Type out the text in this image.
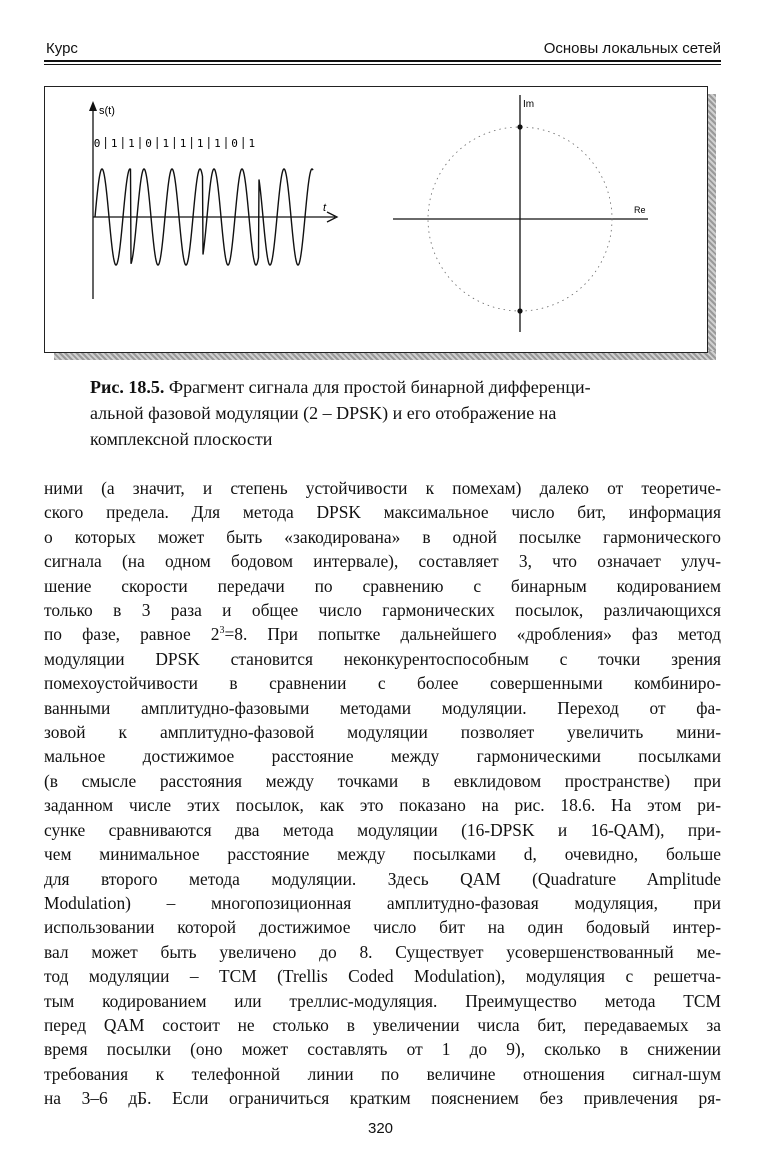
Курс	Основы локальных сетей
s(t)
t
0 1 1 0 1 1 1 1 0 1
Im
Re
Рис. 18.5. Фрагмент сигнала для простой бинарной дифференци-
альной фазовой модуляции (2 – DPSK) и его отображение на
комплексной плоскости
ними (а значит, и степень устойчивости к помехам) далеко от теоретиче-
ского предела. Для метода DPSK максимальное число бит, информация
о которых может быть «закодирована» в одной посылке гармонического
сигнала (на одном бодовом интервале), составляет 3, что означает улуч-
шение скорости передачи по сравнению с бинарным кодированием
только в 3 раза и общее число гармонических посылок, различающихся
по фазе, равное $2^3=8$. При попытке дальнейшего «дробления» фаз метод
модуляции DPSK становится неконкурентоспособным с точки зрения
помехоустойчивости в сравнении с более совершенными комбиниро-
ванными амплитудно-фазовыми методами модуляции. Переход от фа-
зовой к амплитудно-фазовой модуляции позволяет увеличить мини-
мальное достижимое расстояние между гармоническими посылками
(в смысле расстояния между точками в евклидовом пространстве) при
заданном числе этих посылок, как это показано на рис. 18.6. На этом ри-
сунке сравниваются два метода модуляции (16-DPSK и 16-QAM), при-
чем минимальное расстояние между посылками d, очевидно, больше
для второго метода модуляции. Здесь QAM (Quadrature Amplitude
Modulation) – многопозиционная амплитудно-фазовая модуляция, при
использовании которой достижимое число бит на один бодовый интер-
вал может быть увеличено до 8. Существует усовершенствованный ме-
тод модуляции – TCM (Trellis Coded Modulation), модуляция с решетча-
тым кодированием или треллис-модуляция. Преимущество метода TCM
перед QAM состоит не столько в увеличении числа бит, передаваемых за
время посылки (оно может составлять от 1 до 9), сколько в снижении
требования к телефонной линии по величине отношения сигнал-шум
на 3–6 дБ. Если ограничиться кратким пояснением без привлечения ря-
320
